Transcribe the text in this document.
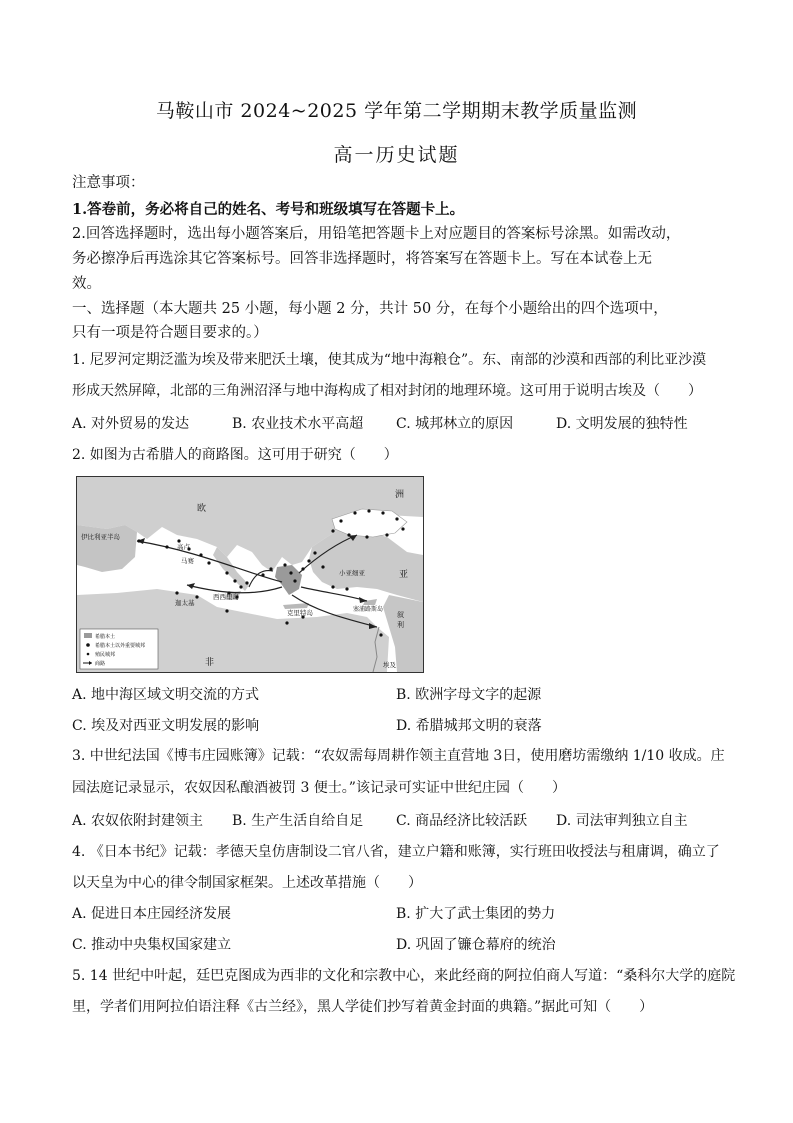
马鞍山市 2024~2025 学年第二学期期末教学质量监测
高一历史试题
注意事项：
1.答卷前，务必将自己的姓名、考号和班级填写在答题卡上。
2.回答选择题时，选出每小题答案后，用铅笔把答题卡上对应题目的答案标号涂黑。如需改动，
务必擦净后再选涂其它答案标号。回答非选择题时，将答案写在答题卡上。写在本试卷上无
效。
一、选择题（本大题共 25 小题，每小题 2 分，共计 50 分，在每个小题给出的四个选项中，
只有一项是符合题目要求的。）
1. 尼罗河定期泛滥为埃及带来肥沃土壤，使其成为“地中海粮仓”。东、南部的沙漠和西部的利比亚沙漠
形成天然屏障，北部的三角洲沼泽与地中海构成了相对封闭的地理环境。这可用于说明古埃及（　　）
A. 对外贸易的发达	B. 农业技术水平高超 C. 城邦林立的原因	D. 文明发展的独特性
2. 如图为古希腊人的商路图。这可用于研究（　　）
欧
洲
伊比利亚半岛
高卢
马赛
西西里岛
迦太基
克里特岛
小亚细亚
塞浦路斯岛
埃及
非
亚
叙
利
希腊本土
希腊本土以外重要城邦
殖民城邦
商路
A. 地中海区域文明交流的方式	B. 欧洲字母文字的起源
C. 埃及对西亚文明发展的影响	D. 希腊城邦文明的衰落
3. 中世纪法国《博韦庄园账簿》记载：“农奴需每周耕作领主直营地 3日，使用磨坊需缴纳 1/10 收成。庄
园法庭记录显示，农奴因私酿酒被罚 3 便士。”该记录可实证中世纪庄园（　　）
A. 农奴依附封建领主 B. 生产生活自给自足 C. 商品经济比较活跃 D. 司法审判独立自主
4. 《日本书纪》记载：孝德天皇仿唐制设二官八省，建立户籍和账簿，实行班田收授法与租庸调，确立了
以天皇为中心的律令制国家框架。上述改革措施（　　）
A. 促进日本庄园经济发展	B. 扩大了武士集团的势力
C. 推动中央集权国家建立	D. 巩固了镰仓幕府的统治
5. 14 世纪中叶起，廷巴克图成为西非的文化和宗教中心，来此经商的阿拉伯商人写道：“桑科尔大学的庭院
里，学者们用阿拉伯语注释《古兰经》，黑人学徒们抄写着黄金封面的典籍。”据此可知（　　）
